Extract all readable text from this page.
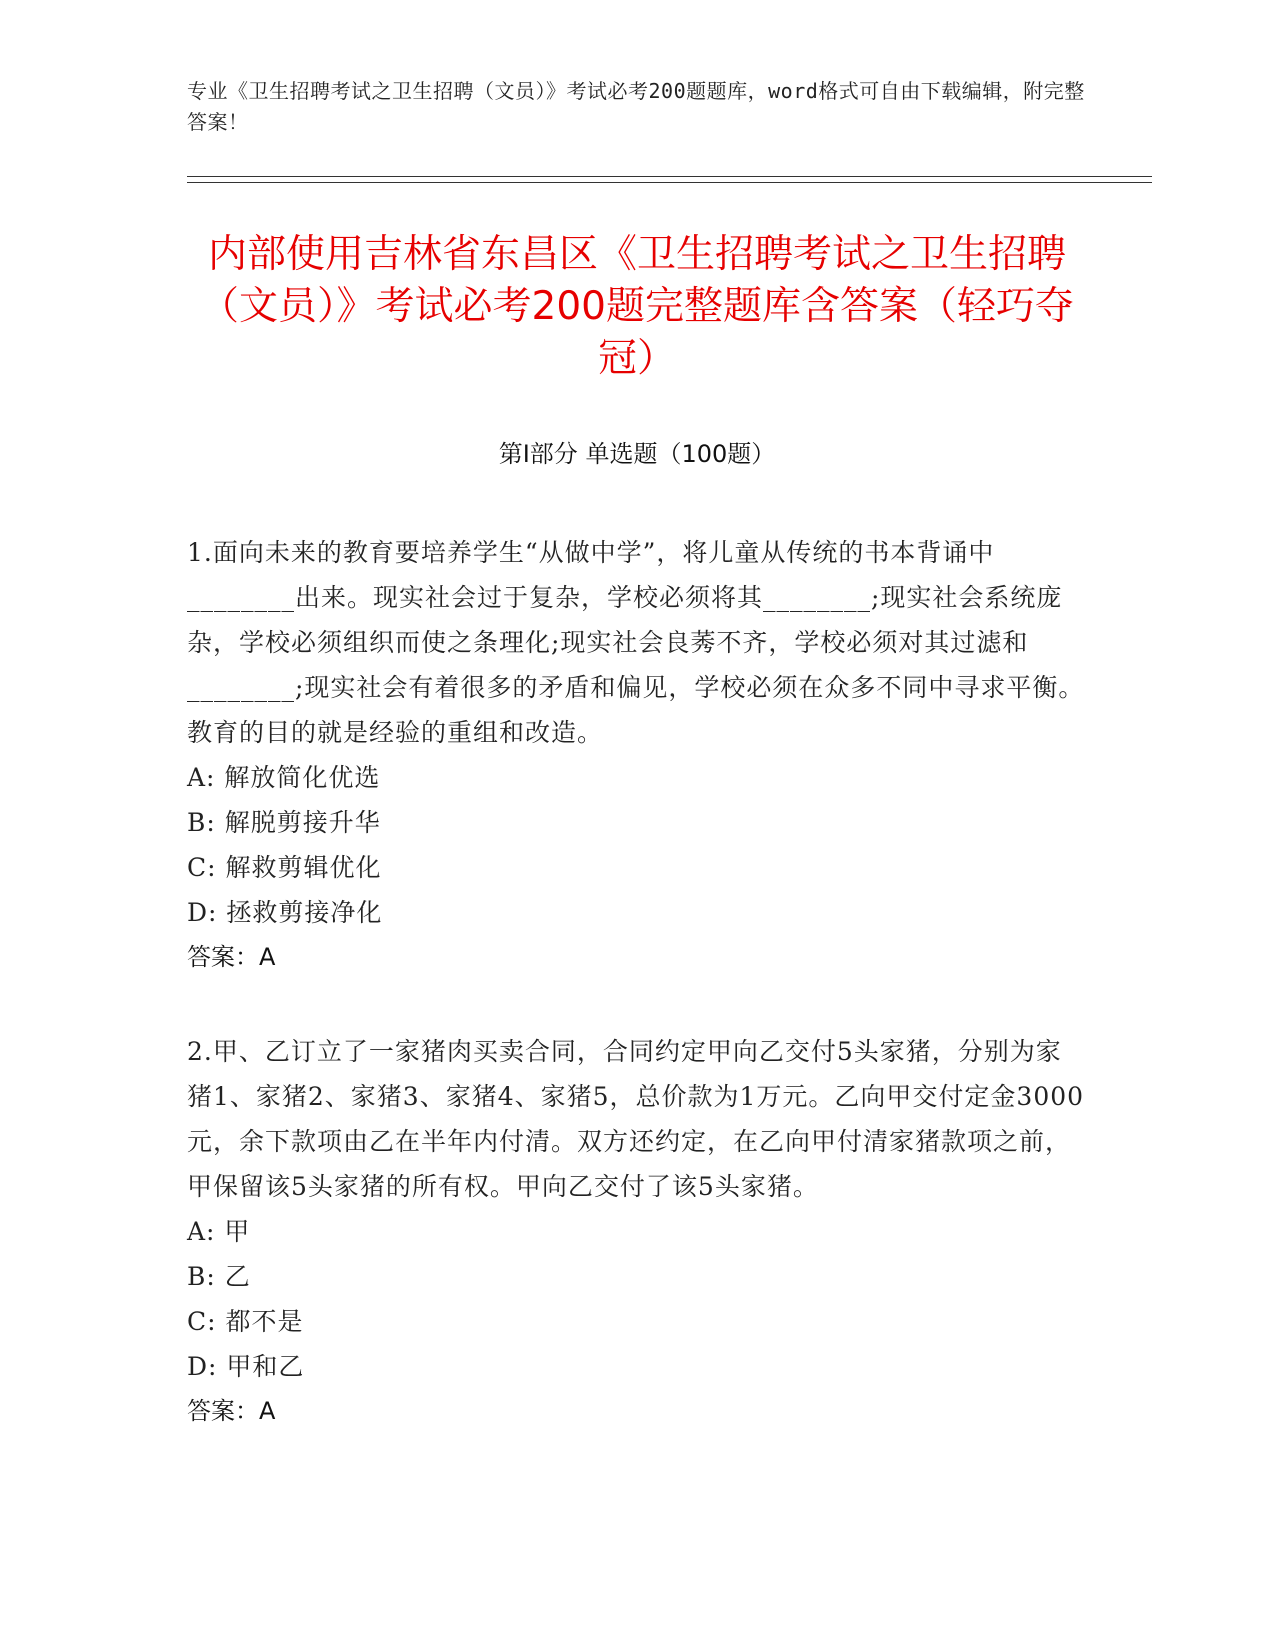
专业《卫生招聘考试之卫生招聘（文员）》考试必考200题题库，word格式可自由下载编辑，附完整答案！
内部使用吉林省东昌区《卫生招聘考试之卫生招聘（文员）》考试必考200题完整题库含答案（轻巧夺冠）
第Ⅰ部分 单选题（100题）

1.面向未来的教育要培养学生“从做中学”，将儿童从传统的书本背诵中________出来。现实社会过于复杂，学校必须将其________;现实社会系统庞杂，学校必须组织而使之条理化;现实社会良莠不齐，学校必须对其过滤和________;现实社会有着很多的矛盾和偏见，学校必须在众多不同中寻求平衡。教育的目的就是经验的重组和改造。

A: 解放简化优选

B: 解脱剪接升华

C: 解救剪辑优化

D: 拯救剪接净化

答案：A

2.甲、乙订立了一家猪肉买卖合同，合同约定甲向乙交付5头家猪，分别为家猪1、家猪2、家猪3、家猪4、家猪5，总价款为1万元。乙向甲交付定金3000元，余下款项由乙在半年内付清。双方还约定，在乙向甲付清家猪款项之前，甲保留该5头家猪的所有权。甲向乙交付了该5头家猪。

A: 甲

B: 乙

C: 都不是

D: 甲和乙

答案：A
